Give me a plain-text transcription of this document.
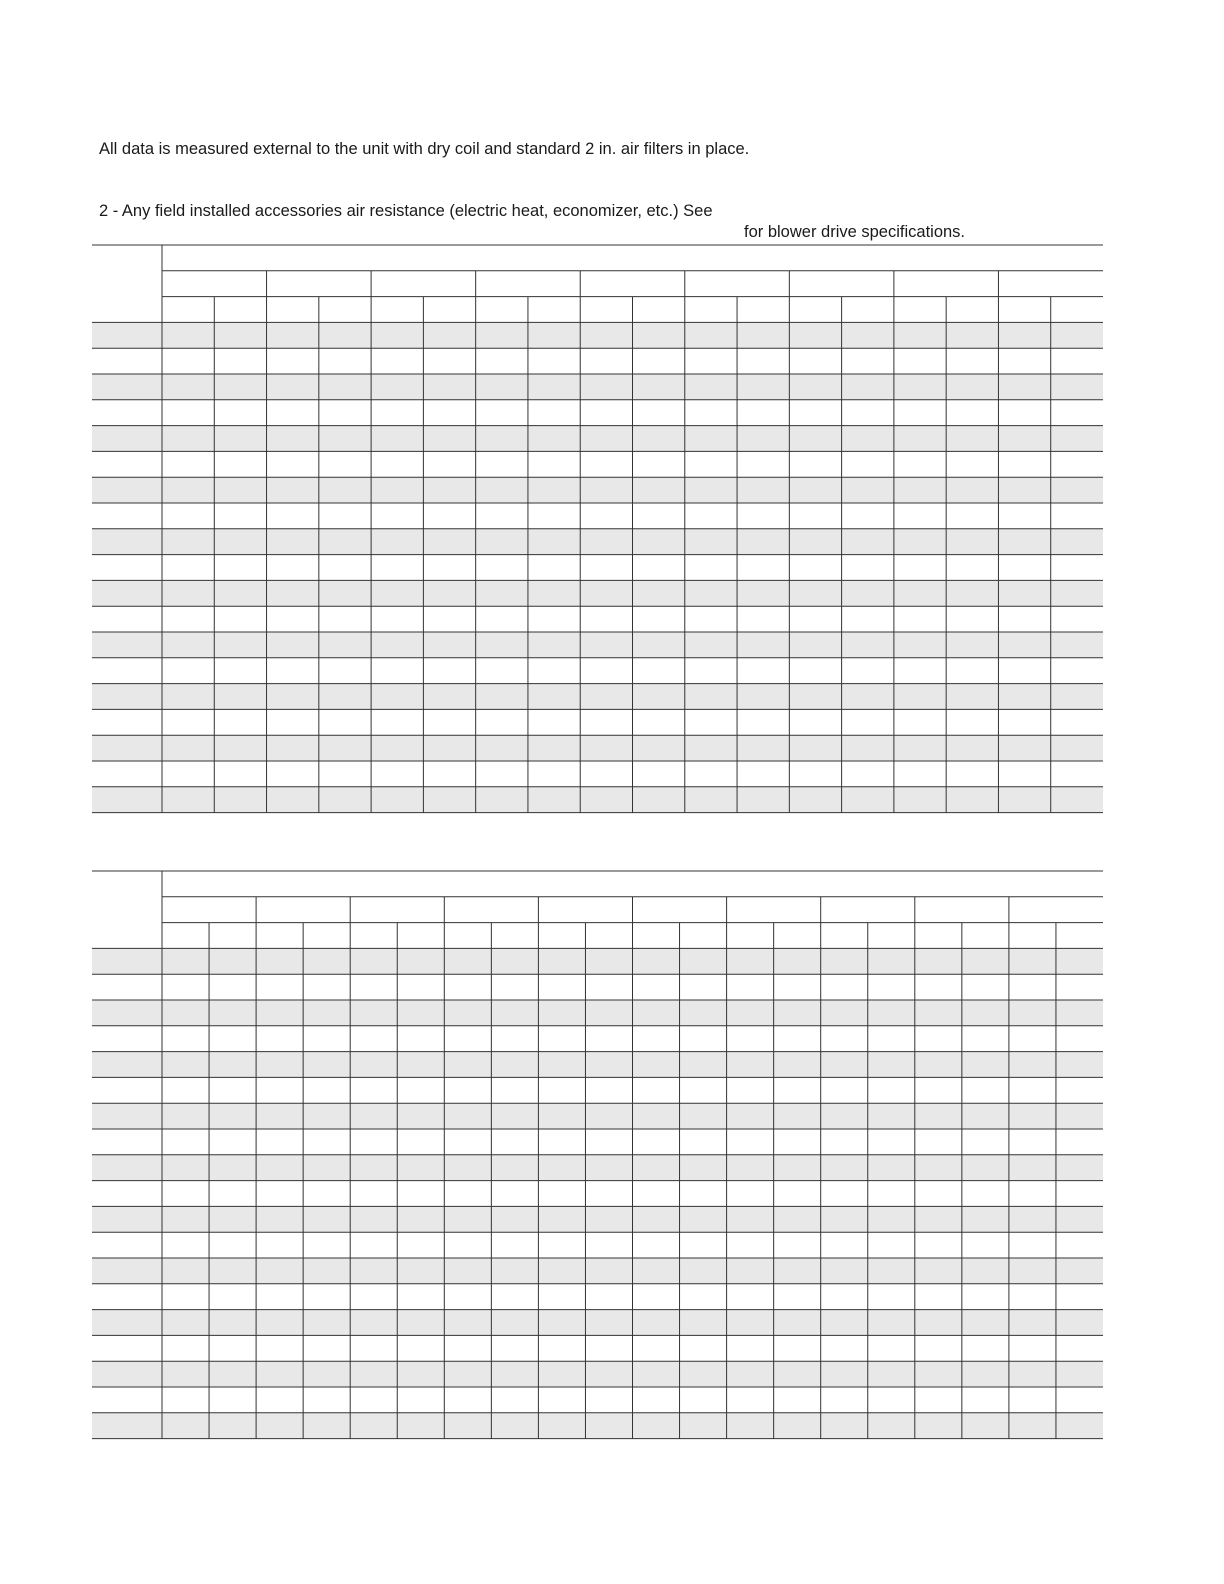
All data is measured external to the unit with dry coil and standard 2 in. air filters in place.
2 - Any field installed accessories air resistance (electric heat, economizer, etc.) See
for blower drive specifications.
